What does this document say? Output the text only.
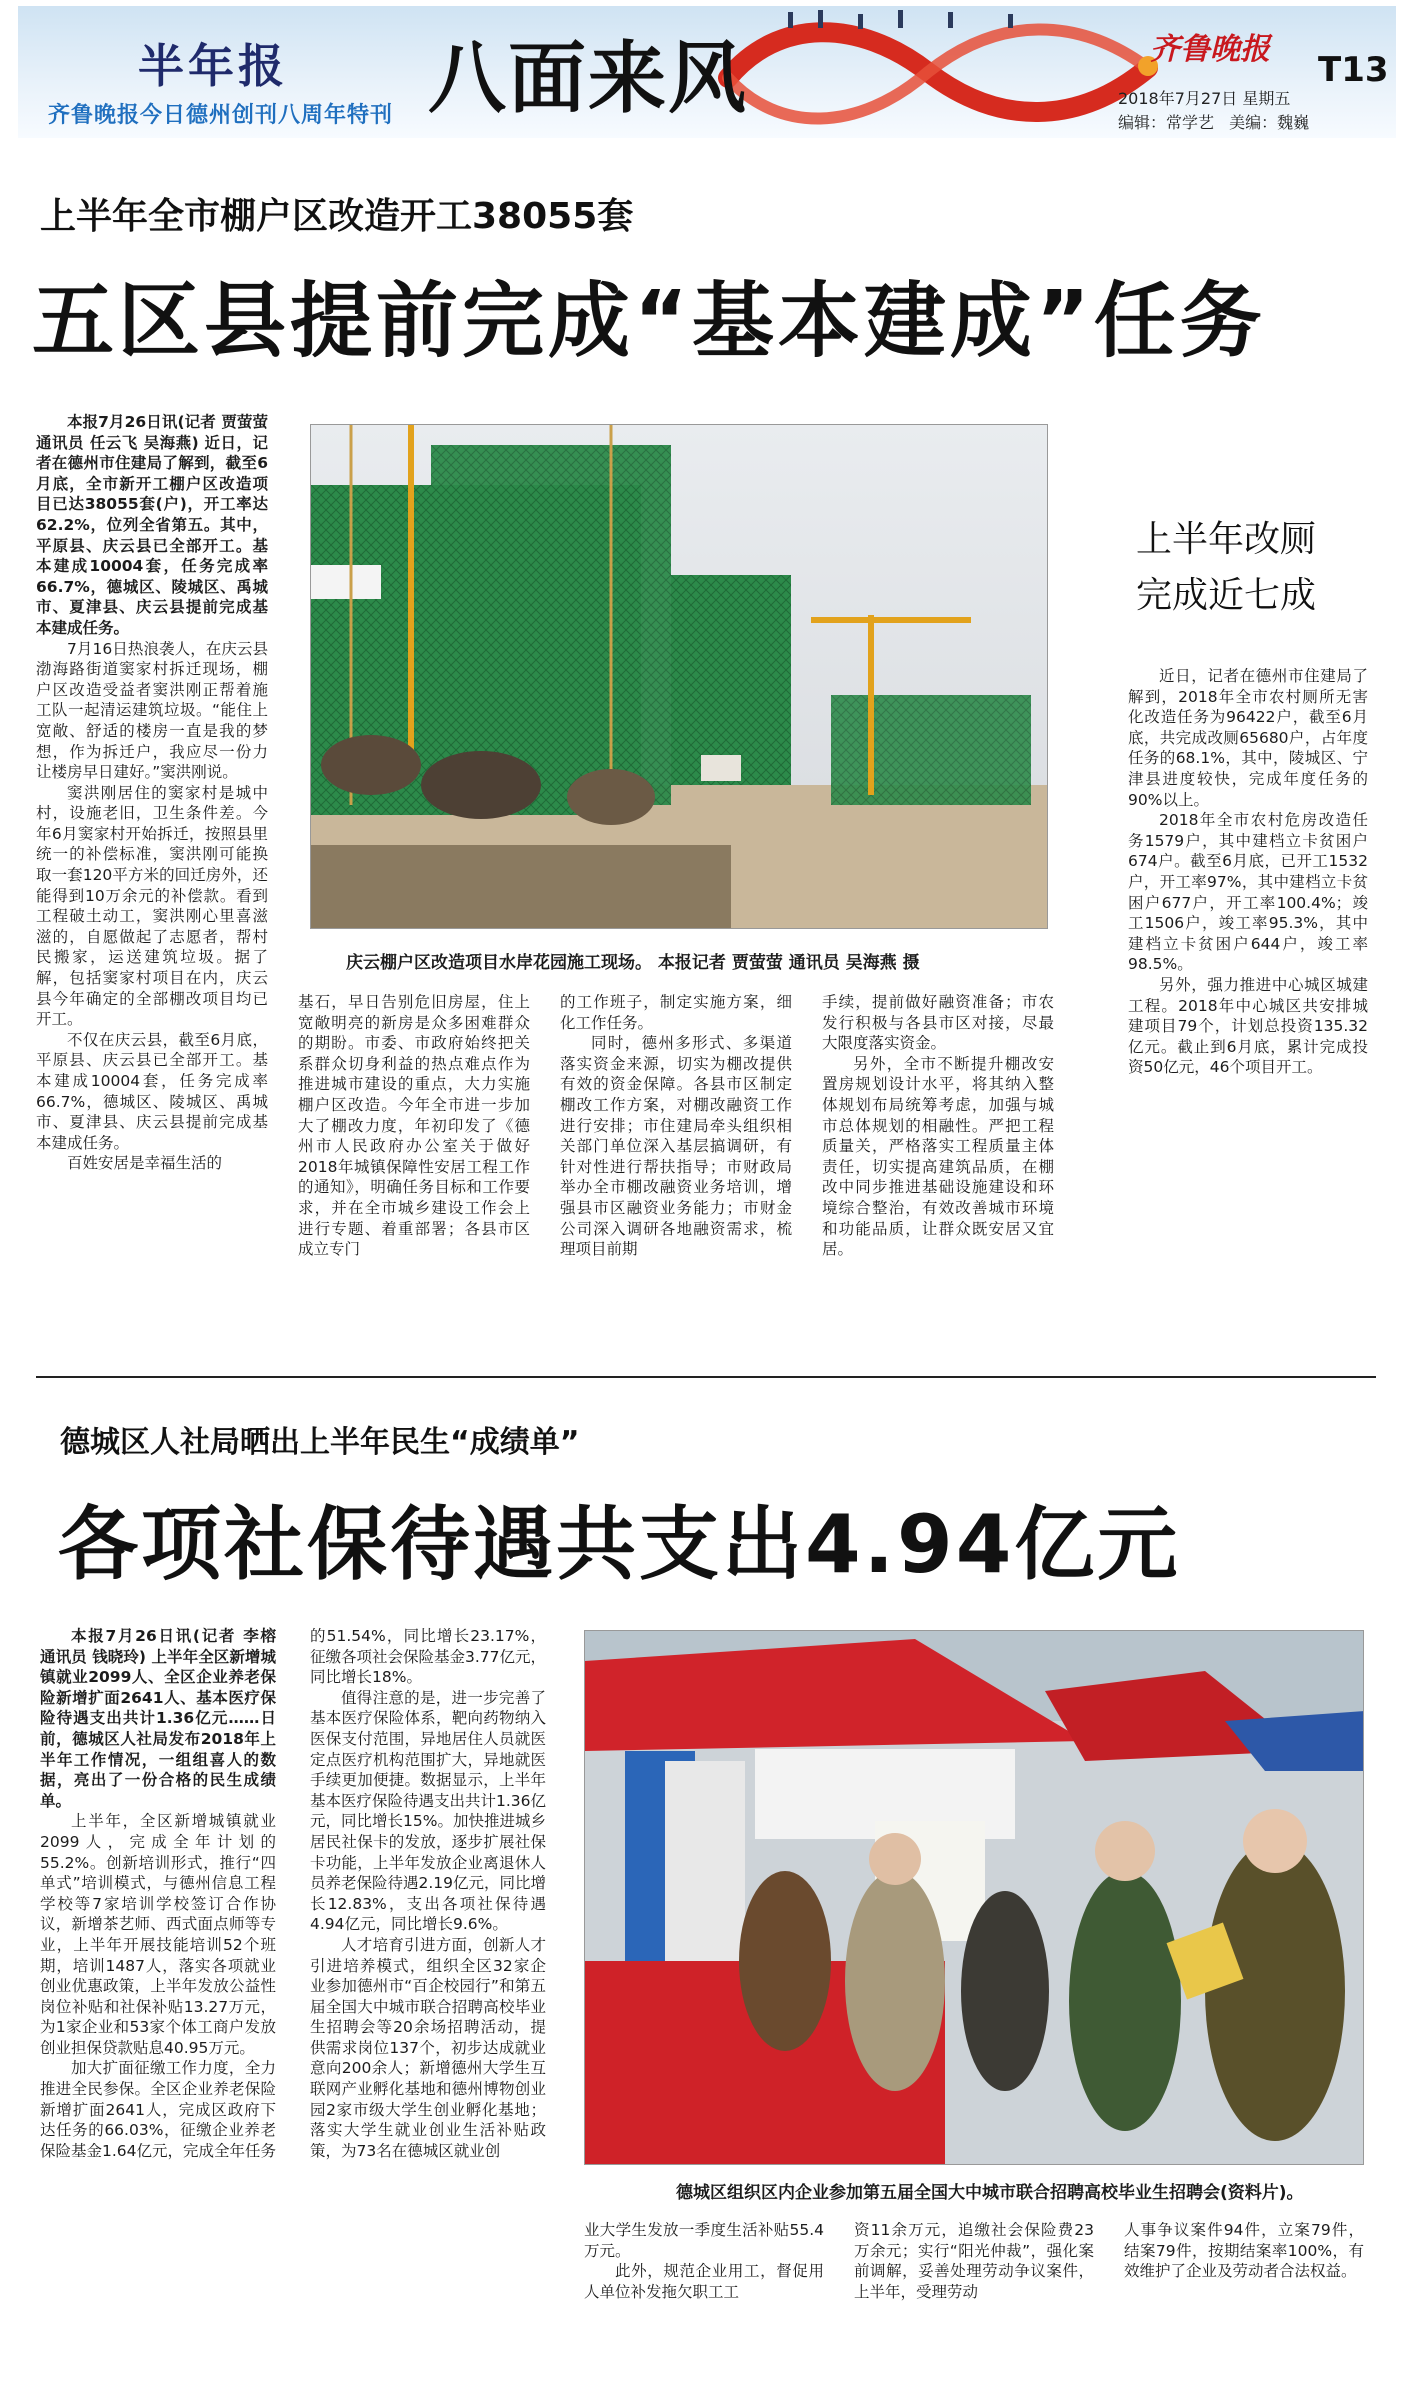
半年报
齐鲁晚报今日德州创刊八周年特刊 八面来风	齐鲁晚报
T13
2018年7月27日 星期五
编辑：常学艺 美编：魏巍
上半年全市棚户区改造开工38055套
五区县提前完成“基本建成”任务

本报7月26日讯(记者 贾萤萤 通讯员 任云飞 吴海燕) 近日，记者在德州市住建局了解到，截至6月底，全市新开工棚户区改造项目已达38055套(户)，开工率达62.2%，位列全省第五。其中，平原县、庆云县已全部开工。基本建成10004套，任务完成率66.7%，德城区、陵城区、禹城市、夏津县、庆云县提前完成基本建成任务。

7月16日热浪袭人，在庆云县渤海路街道窦家村拆迁现场，棚户区改造受益者窦洪刚正帮着施工队一起清运建筑垃圾。“能住上宽敞、舒适的楼房一直是我的梦想，作为拆迁户，我应尽一份力让楼房早日建好。”窦洪刚说。

窦洪刚居住的窦家村是城中村，设施老旧，卫生条件差。今年6月窦家村开始拆迁，按照县里统一的补偿标准，窦洪刚可能换取一套120平方米的回迁房外，还能得到10万余元的补偿款。看到工程破土动工，窦洪刚心里喜滋滋的，自愿做起了志愿者，帮村民搬家，运送建筑垃圾。据了解，包括窦家村项目在内，庆云县今年确定的全部棚改项目均已开工。

不仅在庆云县，截至6月底，平原县、庆云县已全部开工。基本建成10004套，任务完成率66.7%，德城区、陵城区、禹城市、夏津县、庆云县提前完成基本建成任务。

百姓安居是幸福生活的

庆云棚户区改造项目水岸花园施工现场。 本报记者 贾萤萤 通讯员 吴海燕 摄

基石，早日告别危旧房屋，住上宽敞明亮的新房是众多困难群众的期盼。市委、市政府始终把关系群众切身利益的热点难点作为推进城市建设的重点，大力实施棚户区改造。今年全市进一步加大了棚改力度，年初印发了《德州市人民政府办公室关于做好2018年城镇保障性安居工程工作的通知》，明确任务目标和工作要求，并在全市城乡建设工作会上进行专题、着重部署；各县市区成立专门

的工作班子，制定实施方案，细化工作任务。

同时，德州多形式、多渠道落实资金来源，切实为棚改提供有效的资金保障。各县市区制定棚改工作方案，对棚改融资工作进行安排；市住建局牵头组织相关部门单位深入基层搞调研，有针对性进行帮扶指导；市财政局举办全市棚改融资业务培训，增强县市区融资业务能力；市财金公司深入调研各地融资需求，梳理项目前期

手续，提前做好融资准备；市农发行积极与各县市区对接，尽最大限度落实资金。

另外，全市不断提升棚改安置房规划设计水平，将其纳入整体规划布局统筹考虑，加强与城市总体规划的相融性。严把工程质量关，严格落实工程质量主体责任，切实提高建筑品质，在棚改中同步推进基础设施建设和环境综合整治，有效改善城市环境和功能品质，让群众既安居又宜居。

上半年改厕
完成近七成

近日，记者在德州市住建局了解到，2018年全市农村厕所无害化改造任务为96422户，截至6月底，共完成改厕65680户，占年度任务的68.1%，其中，陵城区、宁津县进度较快，完成年度任务的90%以上。

2018年全市农村危房改造任务1579户，其中建档立卡贫困户674户。截至6月底，已开工1532户，开工率97%，其中建档立卡贫困户677户，开工率100.4%；竣工1506户，竣工率95.3%，其中建档立卡贫困户644户，竣工率98.5%。

另外，强力推进中心城区城建工程。2018年中心城区共安排城建项目79个，计划总投资135.32亿元。截止到6月底，累计完成投资50亿元，46个项目开工。

德城区人社局晒出上半年民生“成绩单”
各项社保待遇共支出4.94亿元

本报7月26日讯(记者 李榕 通讯员 钱晓玲) 上半年全区新增城镇就业2099人、全区企业养老保险新增扩面2641人、基本医疗保险待遇支出共计1.36亿元……日前，德城区人社局发布2018年上半年工作情况，一组组喜人的数据，亮出了一份合格的民生成绩单。

上半年，全区新增城镇就业2099人，完成全年计划的55.2%。创新培训形式，推行“四单式”培训模式，与德州信息工程学校等7家培训学校签订合作协议，新增茶艺师、西式面点师等专业，上半年开展技能培训52个班期，培训1487人，落实各项就业创业优惠政策，上半年发放公益性岗位补贴和社保补贴13.27万元，为1家企业和53家个体工商户发放创业担保贷款贴息40.95万元。

加大扩面征缴工作力度，全力推进全民参保。全区企业养老保险新增扩面2641人，完成区政府下达任务的66.03%，征缴企业养老保险基金1.64亿元，完成全年任务

的51.54%，同比增长23.17%，征缴各项社会保险基金3.77亿元，同比增长18%。

值得注意的是，进一步完善了基本医疗保险体系，靶向药物纳入医保支付范围，异地居住人员就医定点医疗机构范围扩大，异地就医手续更加便捷。数据显示，上半年基本医疗保险待遇支出共计1.36亿元，同比增长15%。加快推进城乡居民社保卡的发放，逐步扩展社保卡功能，上半年发放企业离退休人员养老保险待遇2.19亿元，同比增长12.83%，支出各项社保待遇4.94亿元，同比增长9.6%。

人才培育引进方面，创新人才引进培养模式，组织全区32家企业参加德州市“百企校园行”和第五届全国大中城市联合招聘高校毕业生招聘会等20余场招聘活动，提供需求岗位137个，初步达成就业意向200余人；新增德州大学生互联网产业孵化基地和德州博物创业园2家市级大学生创业孵化基地；落实大学生就业创业生活补贴政策，为73名在德城区就业创

德城区组织区内企业参加第五届全国大中城市联合招聘高校毕业生招聘会(资料片)。

业大学生发放一季度生活补贴55.4万元。

此外，规范企业用工，督促用人单位补发拖欠职工工

资11余万元，追缴社会保险费23万余元；实行“阳光仲裁”，强化案前调解，妥善处理劳动争议案件，上半年，受理劳动

人事争议案件94件，立案79件，结案79件，按期结案率100%，有效维护了企业及劳动者合法权益。
